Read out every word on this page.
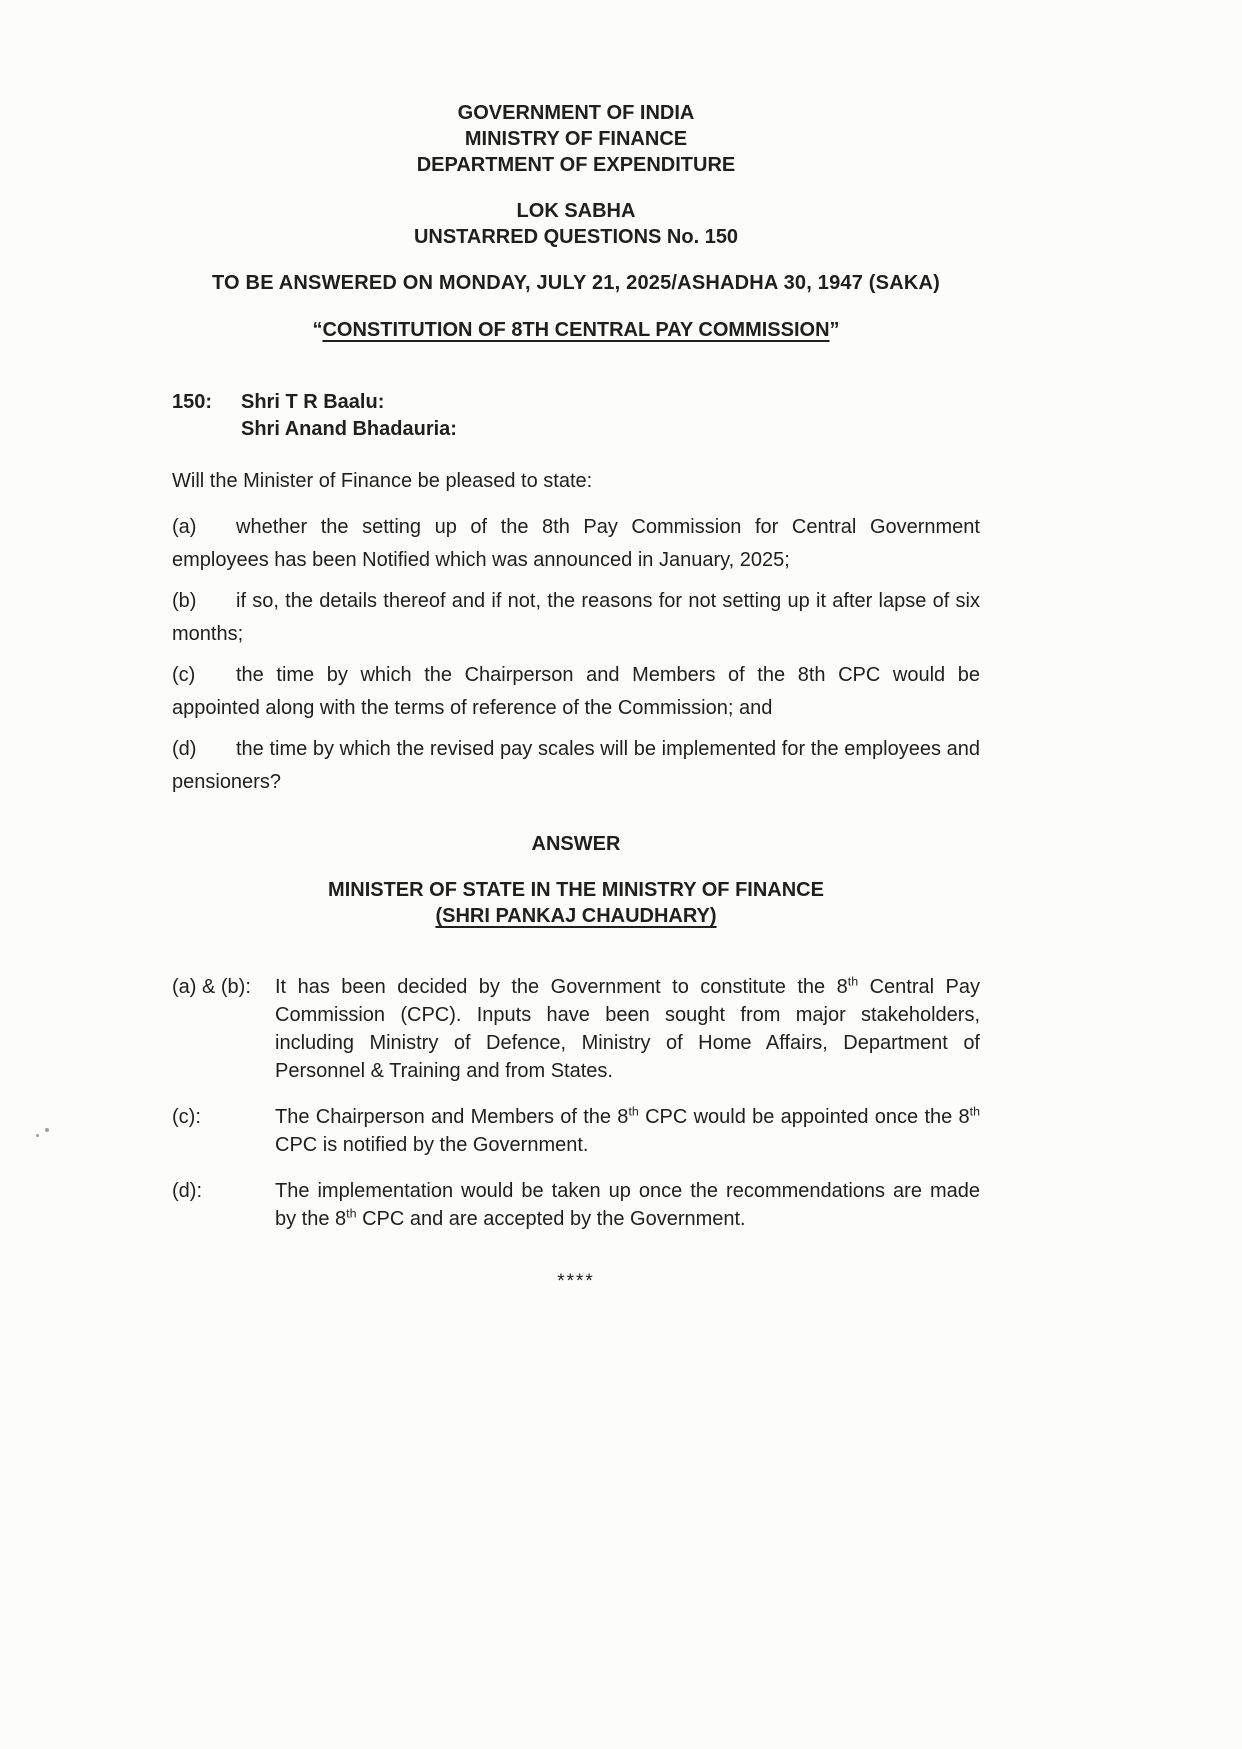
GOVERNMENT OF INDIA
MINISTRY OF FINANCE
DEPARTMENT OF EXPENDITURE
LOK SABHA
UNSTARRED QUESTIONS No. 150
TO BE ANSWERED ON MONDAY, JULY 21, 2025/ASHADHA 30, 1947 (SAKA)
“CONSTITUTION OF 8TH CENTRAL PAY COMMISSION”
150:	Shri T R Baalu:
Shri Anand Bhadauria:

Will the Minister of Finance be pleased to state:

(a) whether the setting up of the 8th Pay Commission for Central Government employees has been Notified which was announced in January, 2025;

(b) if so, the details thereof and if not, the reasons for not setting up it after lapse of six months;

(c) the time by which the Chairperson and Members of the 8th CPC would be appointed along with the terms of reference of the Commission; and

(d) the time by which the revised pay scales will be implemented for the employees and pensioners?

ANSWER
MINISTER OF STATE IN THE MINISTRY OF FINANCE
(SHRI PANKAJ CHAUDHARY)
(a) & (b):	It has been decided by the Government to constitute the 8th Central Pay Commission (CPC). Inputs have been sought from major stakeholders, including Ministry of Defence, Ministry of Home Affairs, Department of Personnel & Training and from States.
(c):	The Chairperson and Members of the 8th CPC would be appointed once the 8th CPC is notified by the Government.
(d):	The implementation would be taken up once the recommendations are made by the 8th CPC and are accepted by the Government.
****
